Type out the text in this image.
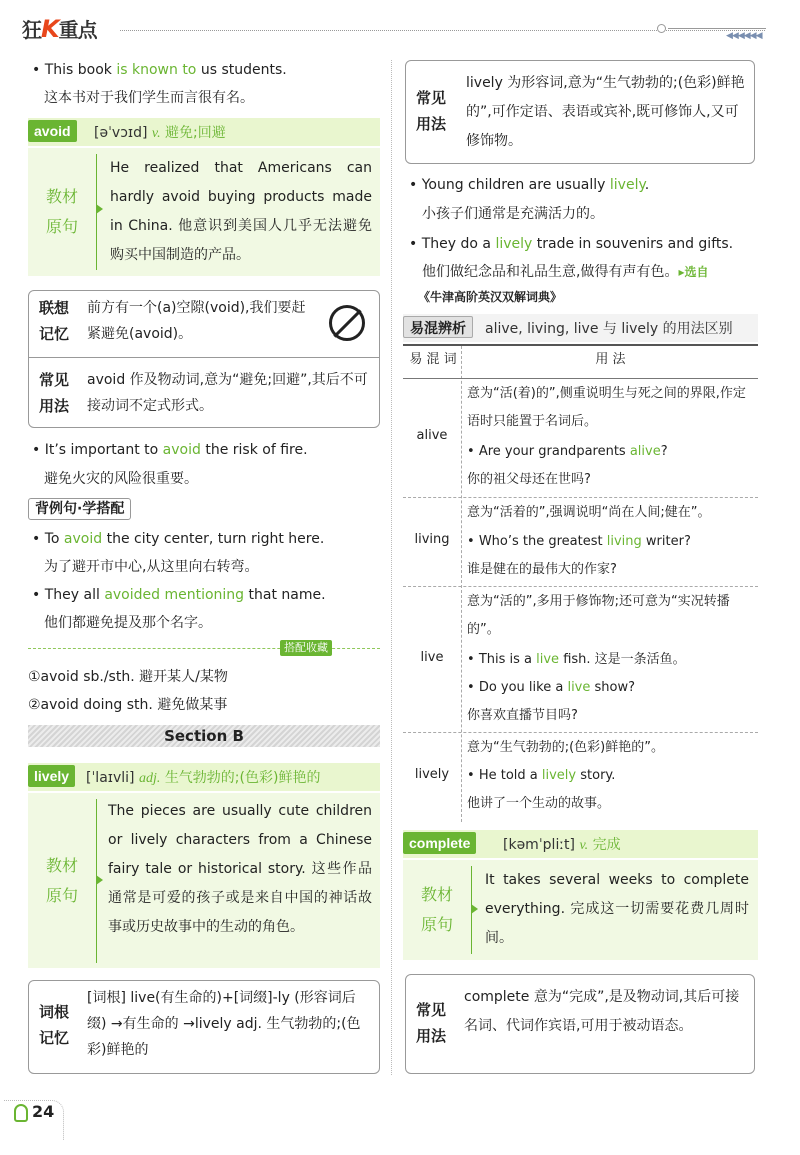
狂K重点	◀◀◀◀◀◀
• This book is known to us students.
这本书对于我们学生而言很有名。
avoid	[əˈvɔɪd] v. 避免;回避
教材
原句
He realized that Americans can hardly avoid buying products made in China. 他意识到美国人几乎无法避免购买中国制造的产品。
联想
记忆
前方有一个(a)空隙(void),我们要赶紧避免(avoid)。
常见
用法
avoid 作及物动词,意为“避免;回避”,其后不可接动词不定式形式。
• It’s important to avoid the risk of fire.
避免火灾的风险很重要。
背例句·学搭配
• To avoid the city center, turn right here.
为了避开市中心,从这里向右转弯。
• They all avoided mentioning that name.
他们都避免提及那个名字。
搭配收藏
①avoid sb./sth. 避开某人/某物
②avoid doing sth. 避免做某事
Section B
lively	[ˈlaɪvli] adj. 生气勃勃的;(色彩)鲜艳的
教材
原句
The pieces are usually cute children or lively characters from a Chinese fairy tale or historical story. 这些作品通常是可爱的孩子或是来自中国的神话故事或历史故事中的生动的角色。
词根
记忆
[词根] live(有生命的)+[词缀]-ly (形容词后缀) →有生命的 →lively adj. 生气勃勃的;(色彩)鲜艳的
常见
用法
lively 为形容词,意为“生气勃勃的;(色彩)鲜艳的”,可作定语、表语或宾补,既可修饰人,又可修饰物。
• Young children are usually lively.
小孩子们通常是充满活力的。
• They do a lively trade in souvenirs and gifts.
他们做纪念品和礼品生意,做得有声有色。▸选自
《牛津高阶英汉双解词典》
易混辨析	alive, living, live 与 lively 的用法区别
易 混 词	用 法
alive
意为“活(着)的”,侧重说明生与死之间的界限,作定语时只能置于名词后。
• Are your grandparents alive?
你的祖父母还在世吗?
living
意为“活着的”,强调说明“尚在人间;健在”。
• Who’s the greatest living writer?
谁是健在的最伟大的作家?
live
意为“活的”,多用于修饰物;还可意为“实况转播的”。
• This is a live fish. 这是一条活鱼。
• Do you like a live show?
你喜欢直播节目吗?
lively
意为“生气勃勃的;(色彩)鲜艳的”。
• He told a lively story.
他讲了一个生动的故事。
complete	[kəmˈpliːt] v. 完成
教材
原句
It takes several weeks to complete everything. 完成这一切需要花费几周时间。
常见
用法
complete 意为“完成”,是及物动词,其后可接名词、代词作宾语,可用于被动语态。
24
